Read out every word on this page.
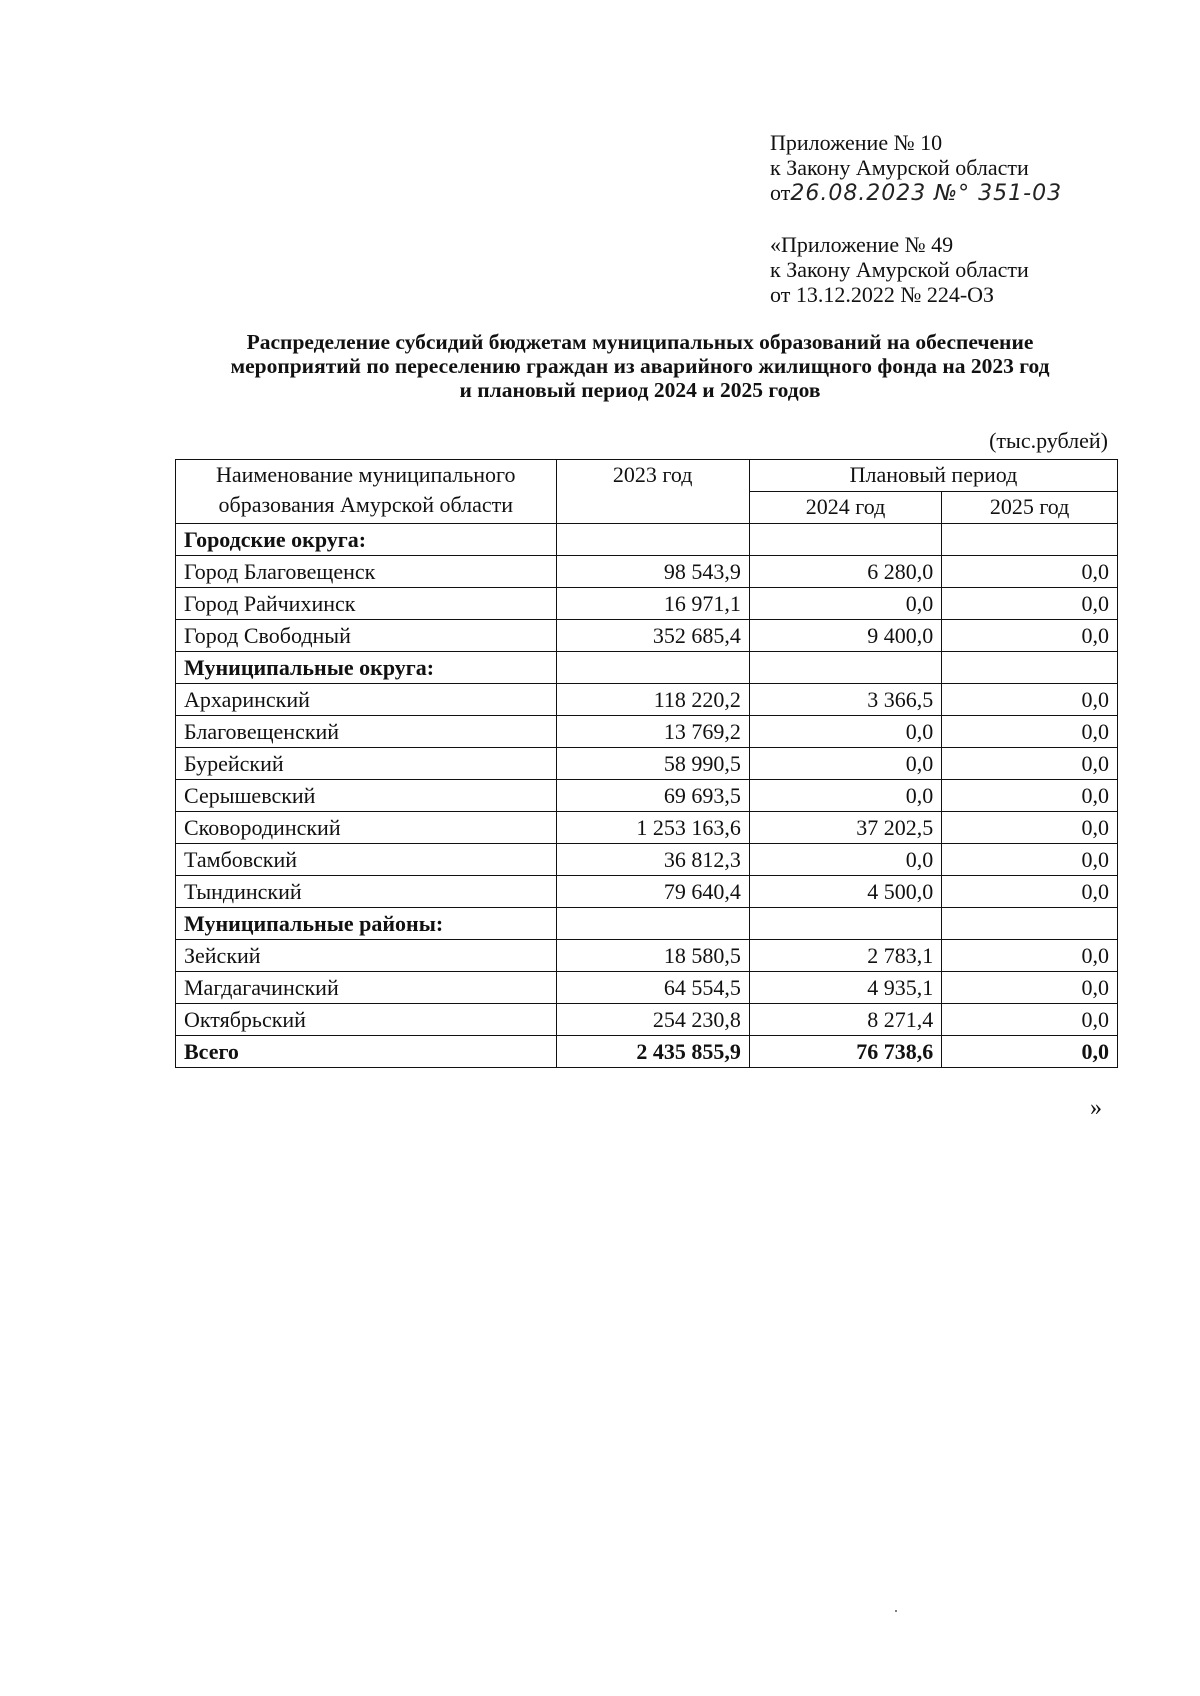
Приложение № 10
к Закону Амурской области
от26.08.2023 №° 351-03
«Приложение № 49
к Закону Амурской области
от 13.12.2022 № 224-ОЗ
Распределение субсидий бюджетам муниципальных образований на обеспечение
мероприятий по переселению граждан из аварийного жилищного фонда на 2023 год
и плановый период 2024 и 2025 годов
(тыс.рублей)
Наименование муниципального образования Амурской области	2023 год	Плановый период	
		2024 год	2025 год
Городские округа:			
Город Благовещенск	98 543,9	6 280,0	0,0
Город Райчихинск	16 971,1	0,0	0,0
Город Свободный	352 685,4	9 400,0	0,0
Муниципальные округа:			
Архаринский	118 220,2	3 366,5	0,0
Благовещенский	13 769,2	0,0	0,0
Бурейский	58 990,5	0,0	0,0
Серышевский	69 693,5	0,0	0,0
Сковородинский	1 253 163,6	37 202,5	0,0
Тамбовский	36 812,3	0,0	0,0
Тындинский	79 640,4	4 500,0	0,0
Муниципальные районы:			
Зейский	18 580,5	2 783,1	0,0
Магдагачинский	64 554,5	4 935,1	0,0
Октябрьский	254 230,8	8 271,4	0,0
Всего	2 435 855,9	76 738,6	0,0
»
